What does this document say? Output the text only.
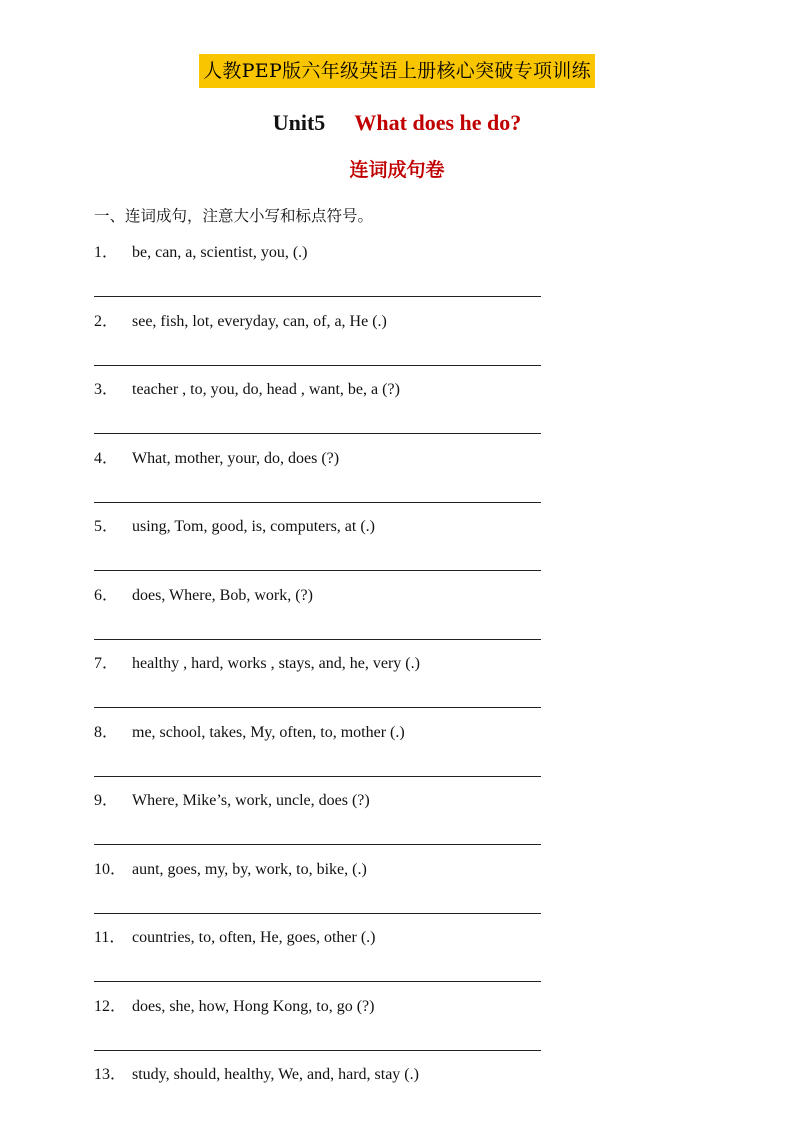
人教PEP版六年级英语上册核心突破专项训练
Unit5 What does he do?
连词成句卷
一、连词成句，注意大小写和标点符号。
1． be, can, a, scientist, you, (.)
2． see, fish, lot, everyday, can, of, a, He (.)
3． teacher , to, you, do, head , want, be, a (?)
4． What, mother, your, do, does (?)
5． using, Tom, good, is, computers, at (.)
6． does, Where, Bob, work, (?)
7． healthy , hard, works , stays, and, he, very (.)
8． me, school, takes, My, often, to, mother (.)
9． Where, Mike’s, work, uncle, does (?)
10． aunt, goes, my, by, work, to, bike, (.)
11． countries, to, often, He, goes, other (.)
12． does, she, how, Hong Kong, to, go (?)
13． study, should, healthy, We, and, hard, stay (.)
